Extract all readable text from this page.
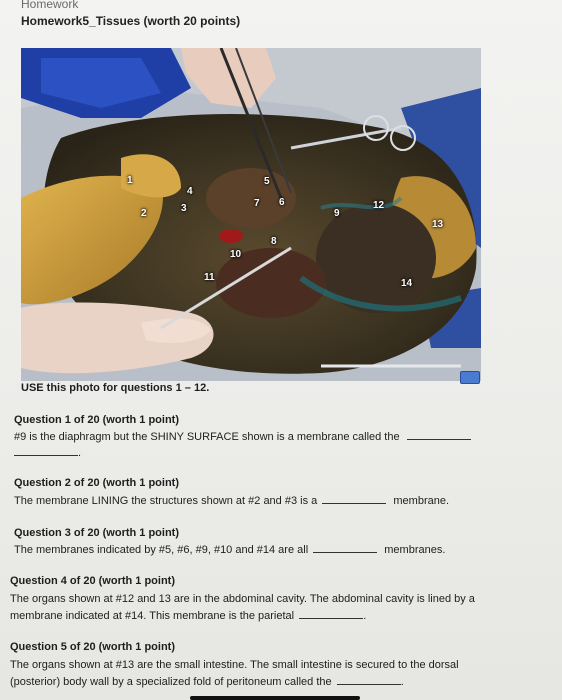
Homework
Homework5_Tissues (worth 20 points)
1
2	3
4
5
6
7
8
9
10
11
12
13
14
USE this photo for questions 1 – 12.
Question 1 of 20 (worth 1 point)
#9 is the diaphragm but the SHINY SURFACE shown is a membrane called the
.
Question 2 of 20 (worth 1 point)
The membrane LINING the structures shown at #2 and #3 is a	membrane.
Question 3 of 20 (worth 1 point)
The membranes indicated by #5, #6, #9, #10 and #14 are all	membranes.
Question 4 of 20 (worth 1 point)
The organs shown at #12 and 13 are in the abdominal cavity. The abdominal cavity is lined by a
membrane indicated at #14. This membrane is the parietal	.
Question 5 of 20 (worth 1 point)
The organs shown at #13 are the small intestine. The small intestine is secured to the dorsal
(posterior) body wall by a specialized fold of peritoneum called the	.
